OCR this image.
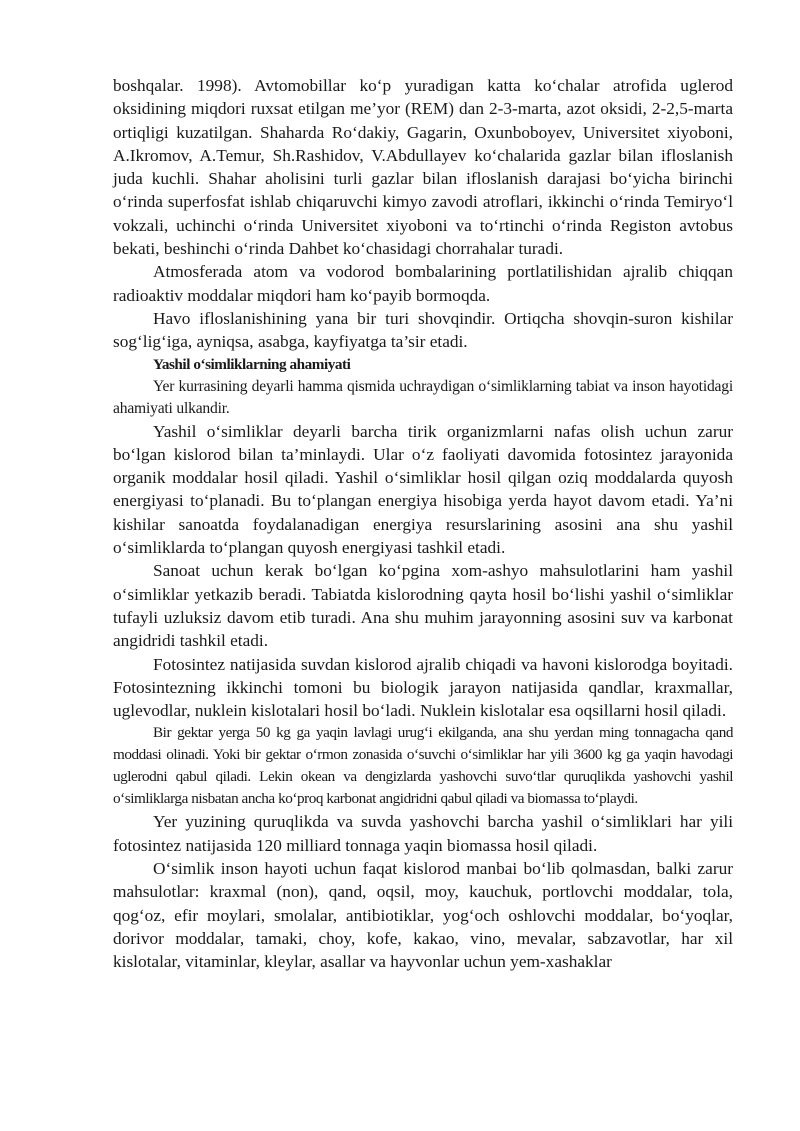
boshqalar. 1998). Avtomobillar ko‘p yuradigan katta ko‘chalar atrofida uglerod oksidining miqdori ruxsat etilgan me’yor (REM) dan 2-3-marta, azot oksidi, 2-2,5-marta ortiqligi kuzatilgan. Shaharda Ro‘dakiy, Gagarin, Oxunboboyev, Universitet xiyoboni, A.Ikromov, A.Temur, Sh.Rashidov, V.Abdullayev ko‘chalarida gazlar bilan ifloslanish juda kuchli. Shahar aholisini turli gazlar bilan ifloslanish darajasi bo‘yicha birinchi o‘rinda superfosfat ishlab chiqaruvchi kimyo zavodi atroflari, ikkinchi o‘rinda Temiryo‘l vokzali, uchinchi o‘rinda Universitet xiyoboni va to‘rtinchi o‘rinda Registon avtobus bekati, beshinchi o‘rinda Dahbet ko‘chasidagi chorrahalar turadi.

Atmosferada atom va vodorod bombalarining portlatilishidan ajralib chiqqan radioaktiv moddalar miqdori ham ko‘payib bormoqda.

Havo ifloslanishining yana bir turi shovqindir. Ortiqcha shovqin-suron kishilar sog‘lig‘iga, ayniqsa, asabga, kayfiyatga ta’sir etadi.

Yashil o‘simliklarning ahamiyati

Yer kurrasining deyarli hamma qismida uchraydigan o‘simliklarning tabiat va inson hayotidagi ahamiyati ulkandir.

Yashil o‘simliklar deyarli barcha tirik organizmlarni nafas olish uchun zarur bo‘lgan kislorod bilan ta’minlaydi. Ular o‘z faoliyati davomida fotosintez jarayonida organik moddalar hosil qiladi. Yashil o‘simliklar hosil qilgan oziq moddalarda quyosh energiyasi to‘planadi. Bu to‘plangan energiya hisobiga yerda hayot davom etadi. Ya’ni kishilar sanoatda foydalanadigan energiya resurslarining asosini ana shu yashil o‘simliklarda to‘plangan quyosh energiyasi tashkil etadi.

Sanoat uchun kerak bo‘lgan ko‘pgina xom-ashyo mahsulotlarini ham yashil o‘simliklar yetkazib beradi. Tabiatda kislorodning qayta hosil bo‘lishi yashil o‘simliklar tufayli uzluksiz davom etib turadi. Ana shu muhim jarayonning asosini suv va karbonat angidridi tashkil etadi.

Fotosintez natijasida suvdan kislorod ajralib chiqadi va havoni kislorodga boyitadi. Fotosintezning ikkinchi tomoni bu biologik jarayon natijasida qandlar, kraxmallar, uglevodlar, nuklein kislotalari hosil bo‘ladi. Nuklein kislotalar esa oqsillarni hosil qiladi.

Bir gektar yerga 50 kg ga yaqin lavlagi urug‘i ekilganda, ana shu yerdan ming tonnagacha qand moddasi olinadi. Yoki bir gektar o‘rmon zonasida o‘suvchi o‘simliklar har yili 3600 kg ga yaqin havodagi uglerodni qabul qiladi. Lekin okean va dengizlarda yashovchi suvo‘tlar quruqlikda yashovchi yashil o‘simliklarga nisbatan ancha ko‘proq karbonat angidridni qabul qiladi va biomassa to‘playdi.

Yer yuzining quruqlikda va suvda yashovchi barcha yashil o‘simliklari har yili fotosintez natijasida 120 milliard tonnaga yaqin biomassa hosil qiladi.

O‘simlik inson hayoti uchun faqat kislorod manbai bo‘lib qolmasdan, balki zarur mahsulotlar: kraxmal (non), qand, oqsil, moy, kauchuk, portlovchi moddalar, tola, qog‘oz, efir moylari, smolalar, antibiotiklar, yog‘och oshlovchi moddalar, bo‘yoqlar, dorivor moddalar, tamaki, choy, kofe, kakao, vino, mevalar, sabzavotlar, har xil kislotalar, vitaminlar, kleylar, asallar va hayvonlar uchun yem-xashaklar
